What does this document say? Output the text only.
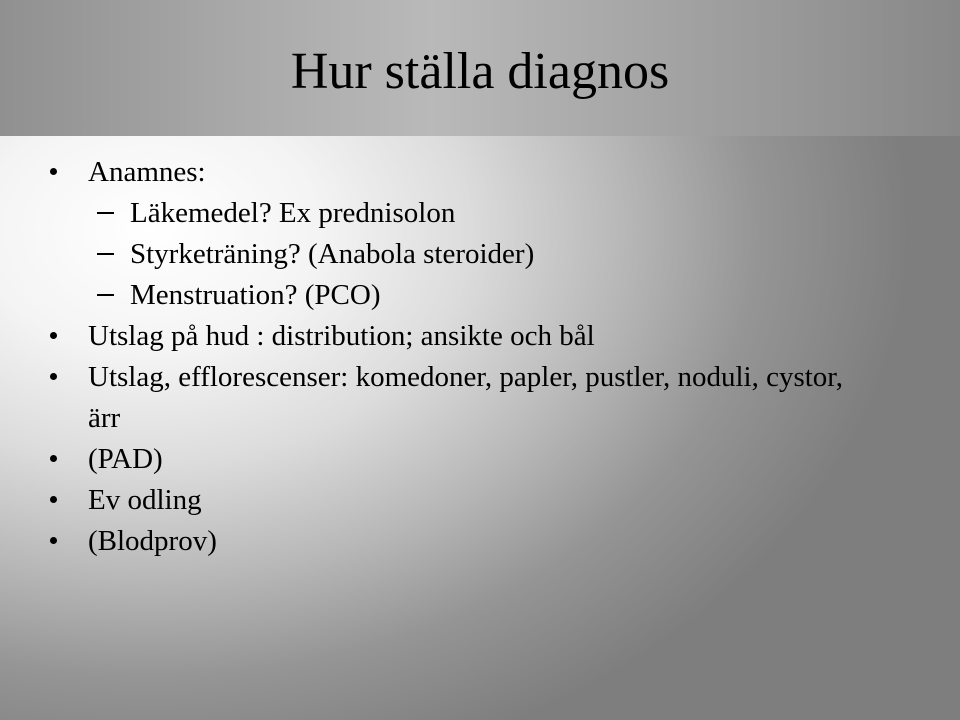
Hur ställa diagnos
Anamnes:
Läkemedel? Ex prednisolon
Styrketräning? (Anabola steroider)
Menstruation? (PCO)
Utslag på hud : distribution; ansikte och bål
Utslag, efflorescenser: komedoner, papler, pustler, noduli, cystor, ärr
(PAD)
Ev odling
(Blodprov)
